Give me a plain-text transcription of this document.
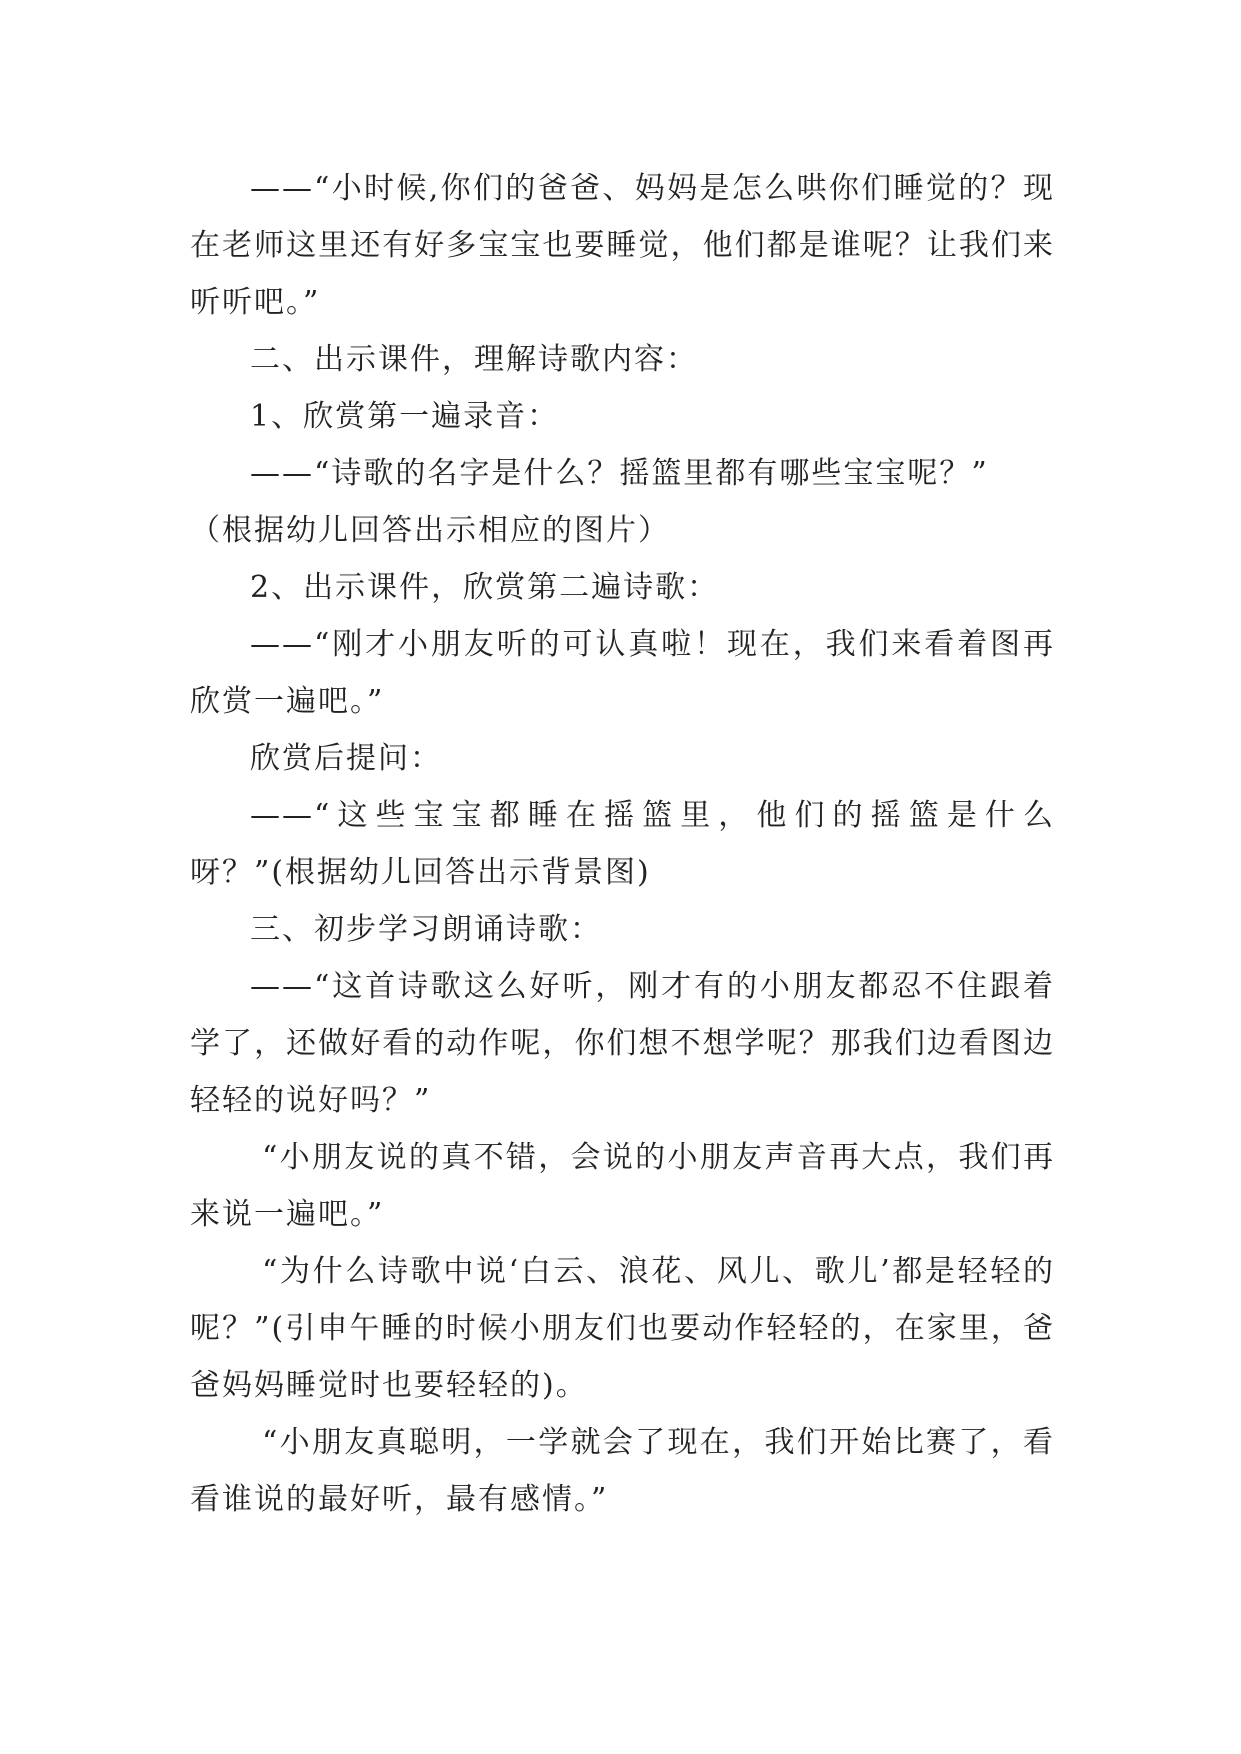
——“小时候,你们的爸爸、妈妈是怎么哄你们睡觉的？现在老师这里还有好多宝宝也要睡觉，他们都是谁呢？让我们来听听吧。”

二、出示课件，理解诗歌内容：

1、欣赏第一遍录音：

——“诗歌的名字是什么？摇篮里都有哪些宝宝呢？”

（根据幼儿回答出示相应的图片）

2、出示课件，欣赏第二遍诗歌：

——“刚才小朋友听的可认真啦！现在，我们来看着图再欣赏一遍吧。”

欣赏后提问：

——“这些宝宝都睡在摇篮里，他们的摇篮是什么呀？”(根据幼儿回答出示背景图)

三、初步学习朗诵诗歌：

——“这首诗歌这么好听，刚才有的小朋友都忍不住跟着学了，还做好看的动作呢，你们想不想学呢？那我们边看图边轻轻的说好吗？”

“小朋友说的真不错，会说的小朋友声音再大点，我们再来说一遍吧。”

“为什么诗歌中说‘白云、浪花、风儿、歌儿’都是轻轻的呢？”(引申午睡的时候小朋友们也要动作轻轻的，在家里，爸爸妈妈睡觉时也要轻轻的)。

“小朋友真聪明，一学就会了现在，我们开始比赛了，看看谁说的最好听，最有感情。”
